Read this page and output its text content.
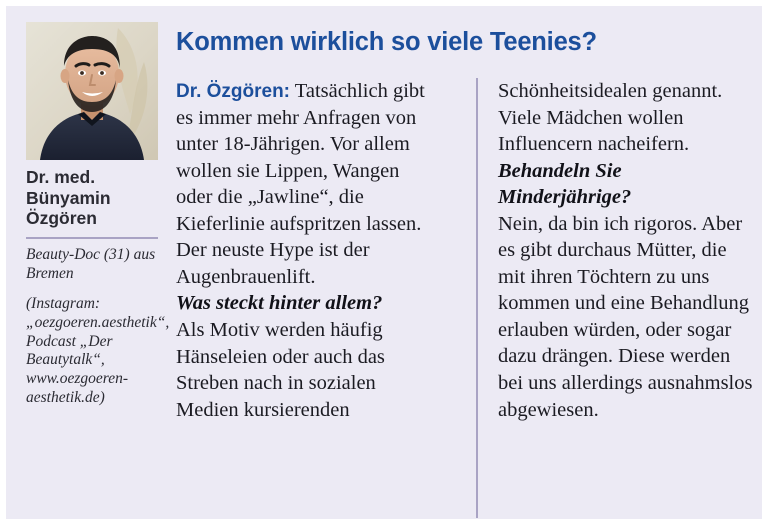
Dr. med.
Bünyamin
Özgören

Beauty-Doc (31) aus Bremen

(Instagram: „oezgoeren.aesthetik“, Podcast „Der Beautytalk“, www.oezgoeren-aesthetik.de)

Kommen wirklich so viele Teenies?

Dr. Özgören: Tatsächlich gibt es immer mehr Anfragen von unter 18-Jährigen. Vor allem wollen sie Lippen, Wangen oder die „Jawline“, die Kieferlinie aufspritzen lassen. Der neuste Hype ist der Augenbrauenlift.

Was steckt hinter allem?

Als Motiv werden häufig Hänseleien oder auch das Streben nach in sozialen Medien kursierenden

Schönheitsidealen genannt. Viele Mädchen wollen Influencern nacheifern.

Behandeln Sie

Minderjährige?

Nein, da bin ich rigoros. Aber es gibt durchaus Mütter, die mit ihren Töchtern zu uns kommen und eine Behandlung erlauben würden, oder sogar dazu drängen. Diese werden bei uns allerdings ausnahmslos abgewiesen.
